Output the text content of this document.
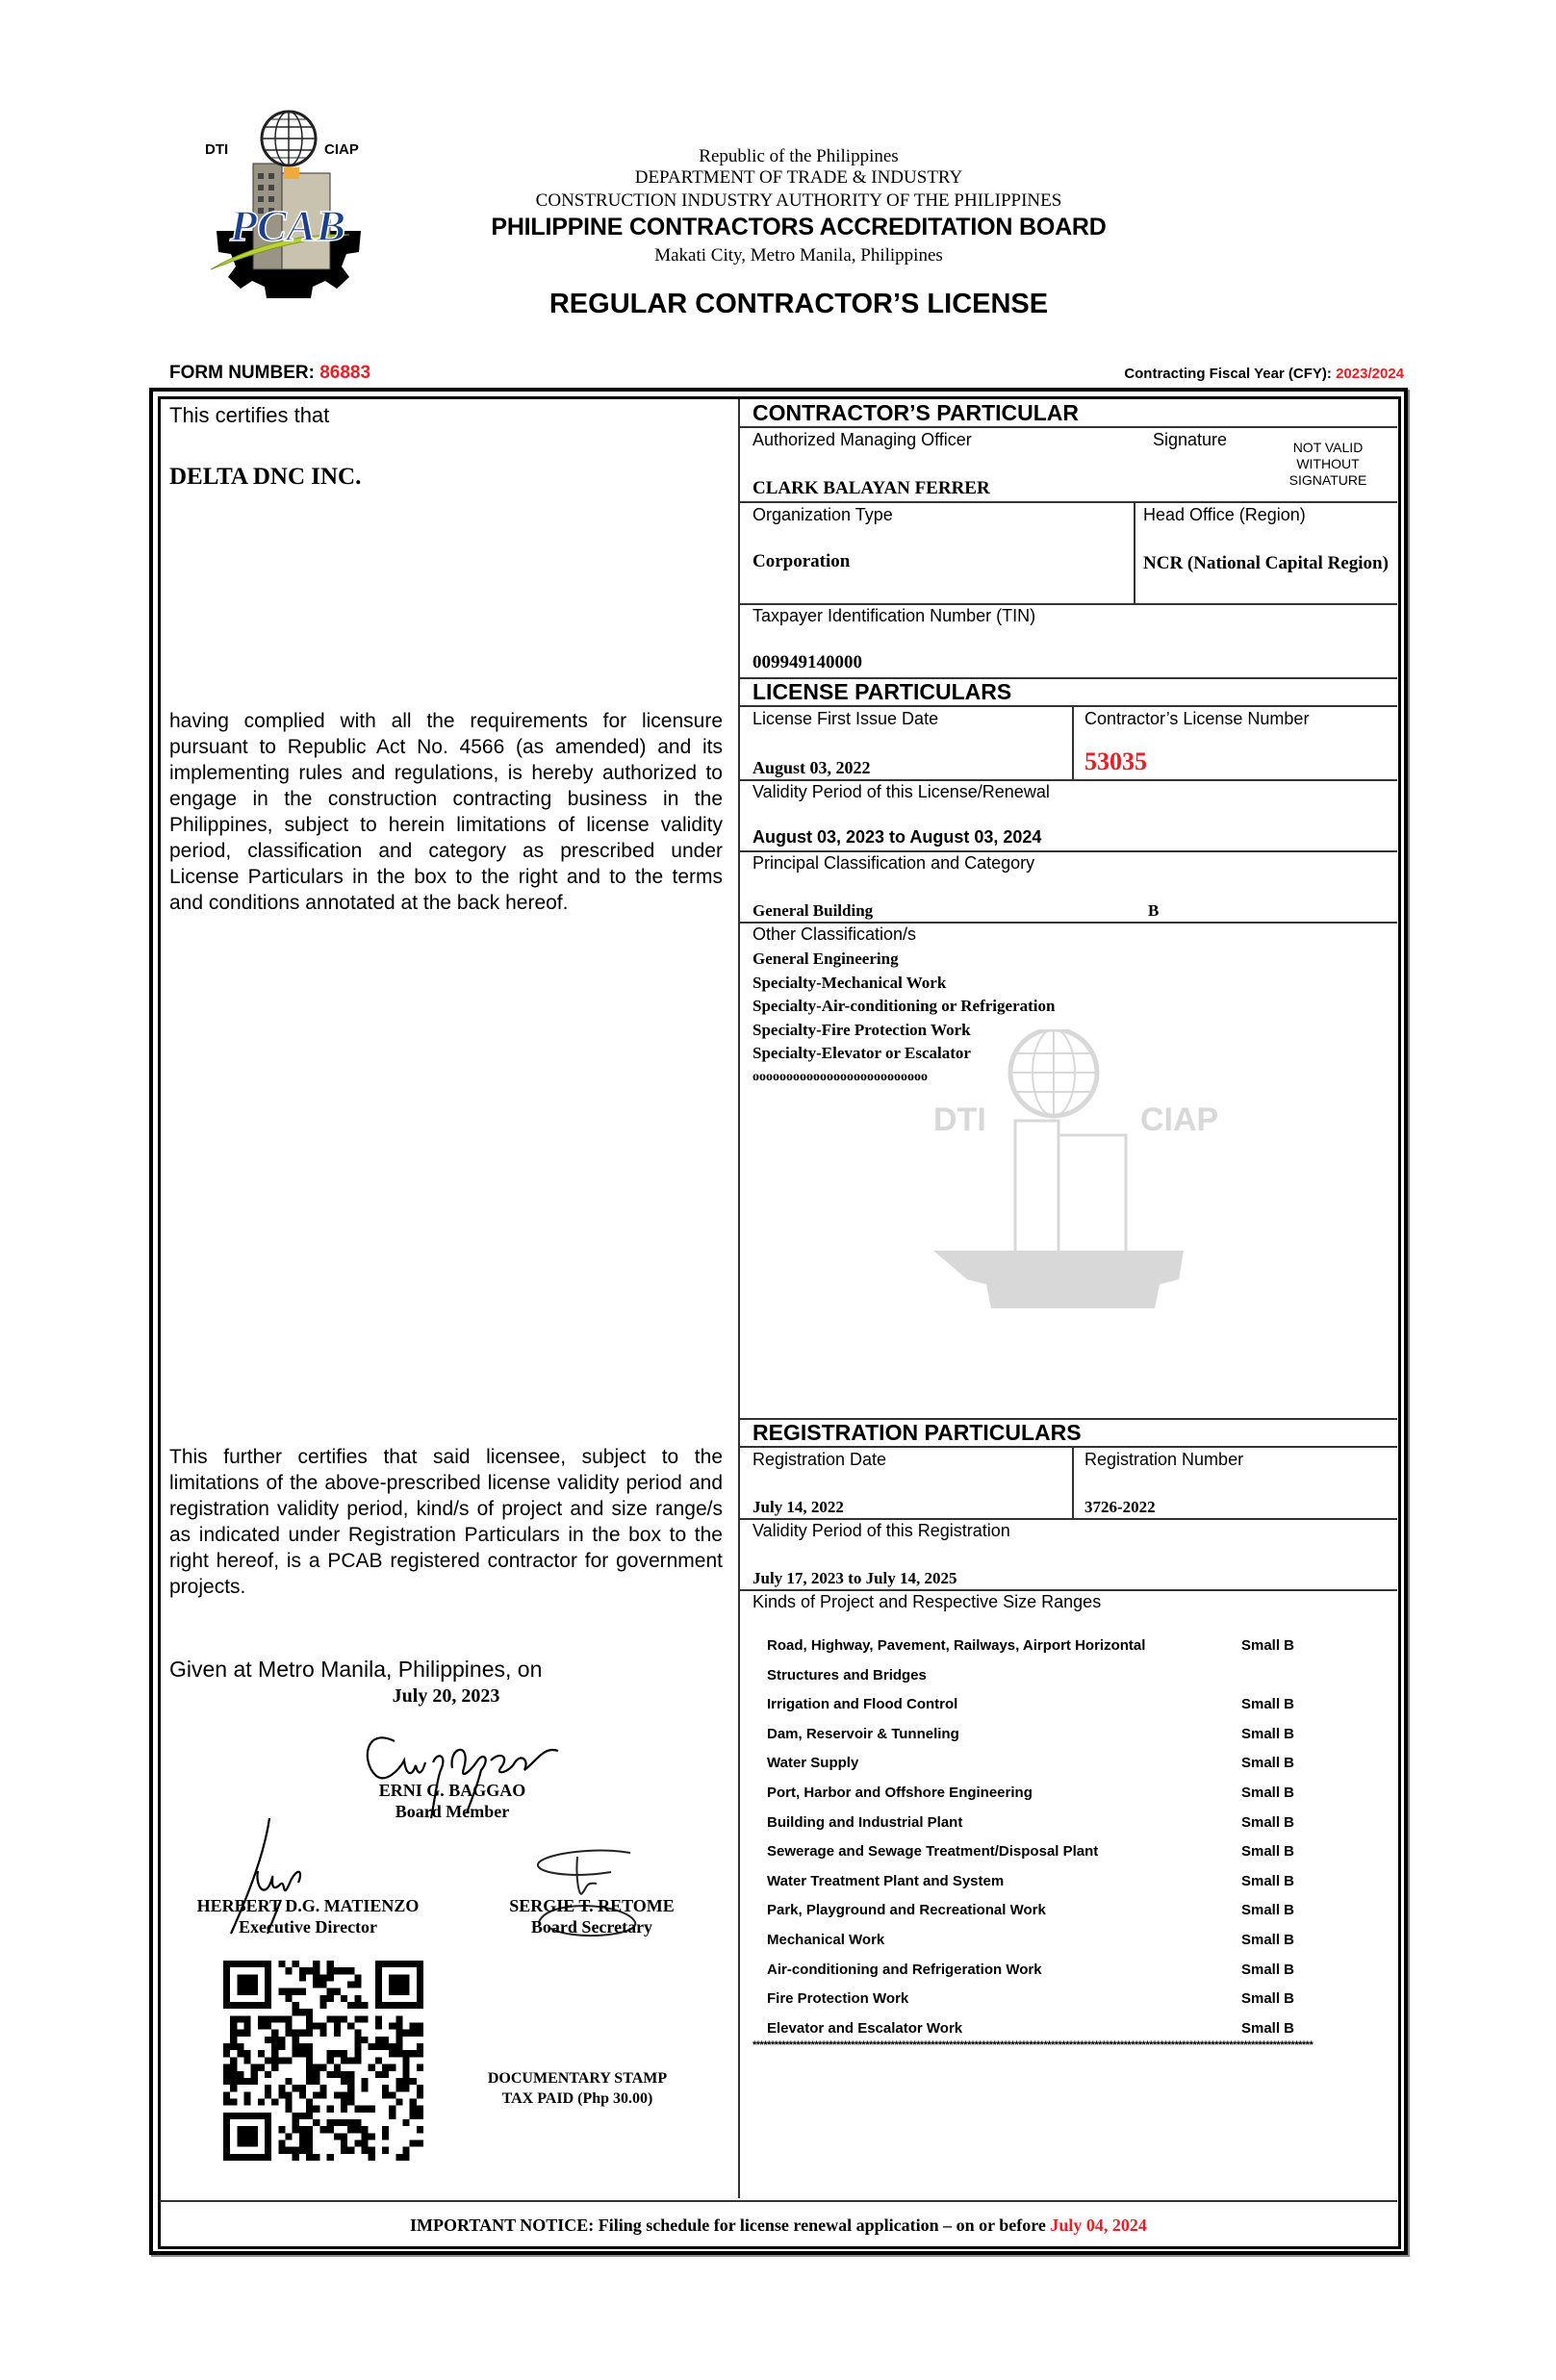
DTI	CIAP
PCAB
Republic of the Philippines
DEPARTMENT OF TRADE & INDUSTRY
CONSTRUCTION INDUSTRY AUTHORITY OF THE PHILIPPINES
PHILIPPINE CONTRACTORS ACCREDITATION BOARD
Makati City, Metro Manila, Philippines
REGULAR CONTRACTOR’S LICENSE
FORM NUMBER: 86883	Contracting Fiscal Year (CFY): 2023/2024
This certifies that
DELTA DNC INC.
having complied with all the requirements for licensure pursuant to Republic Act No. 4566 (as amended) and its implementing rules and regulations, is hereby authorized to engage in the construction contracting business in the Philippines, subject to herein limitations of license validity period, classification and category as prescribed under License Particulars in the box to the right and to the terms and conditions annotated at the back hereof.
This further certifies that said licensee, subject to the limitations of the above-prescribed license validity period and registration validity period, kind/s of project and size range/s as indicated under Registration Particulars in the box to the right hereof, is a PCAB registered contractor for government projects.
Given at Metro Manila, Philippines, on
July 20, 2023
ERNI G. BAGGAO
Board Member
HERBERT D.G. MATIENZO
Executive Director
SERGIE T. RETOME
Board Secretary
DOCUMENTARY STAMP
TAX PAID (Php 30.00)
CONTRACTOR’S PARTICULAR
Authorized Managing Officer	Signature	NOT VALID
WITHOUT
SIGNATURE
CLARK BALAYAN FERRER
Organization Type
Corporation
Head Office (Region)
NCR (National Capital Region)
Taxpayer Identification Number (TIN)
009949140000
LICENSE PARTICULARS
License First Issue Date
August 03, 2022
Contractor’s License Number
53035
Validity Period of this License/Renewal
August 03, 2023 to August 03, 2024
Principal Classification and Category
General Building	B
DTI	CIAP
Other Classification/s
General Engineering
Specialty-Mechanical Work
Specialty-Air-conditioning or Refrigeration
Specialty-Fire Protection Work
Specialty-Elevator or Escalator
oooooooooooooooooooooooooo
REGISTRATION PARTICULARS
Registration Date
July 14, 2022
Registration Number
3726-2022
Validity Period of this Registration
July 17, 2023 to July 14, 2025
Kinds of Project and Respective Size Ranges
Road, Highway, Pavement, Railways, Airport Horizontal	Small B
Structures and Bridges
Irrigation and Flood Control	Small B
Dam, Reservoir & Tunneling	Small B
Water Supply	Small B
Port, Harbor and Offshore Engineering	Small B
Building and Industrial Plant	Small B
Sewerage and Sewage Treatment/Disposal Plant	Small B
Water Treatment Plant and System	Small B
Park, Playground and Recreational Work	Small B
Mechanical Work	Small B
Air-conditioning and Refrigeration Work	Small B
Fire Protection Work	Small B
Elevator and Escalator Work	Small B
**********************************************************************************************************************************************************
IMPORTANT NOTICE: Filing schedule for license renewal application – on or before July 04, 2024
